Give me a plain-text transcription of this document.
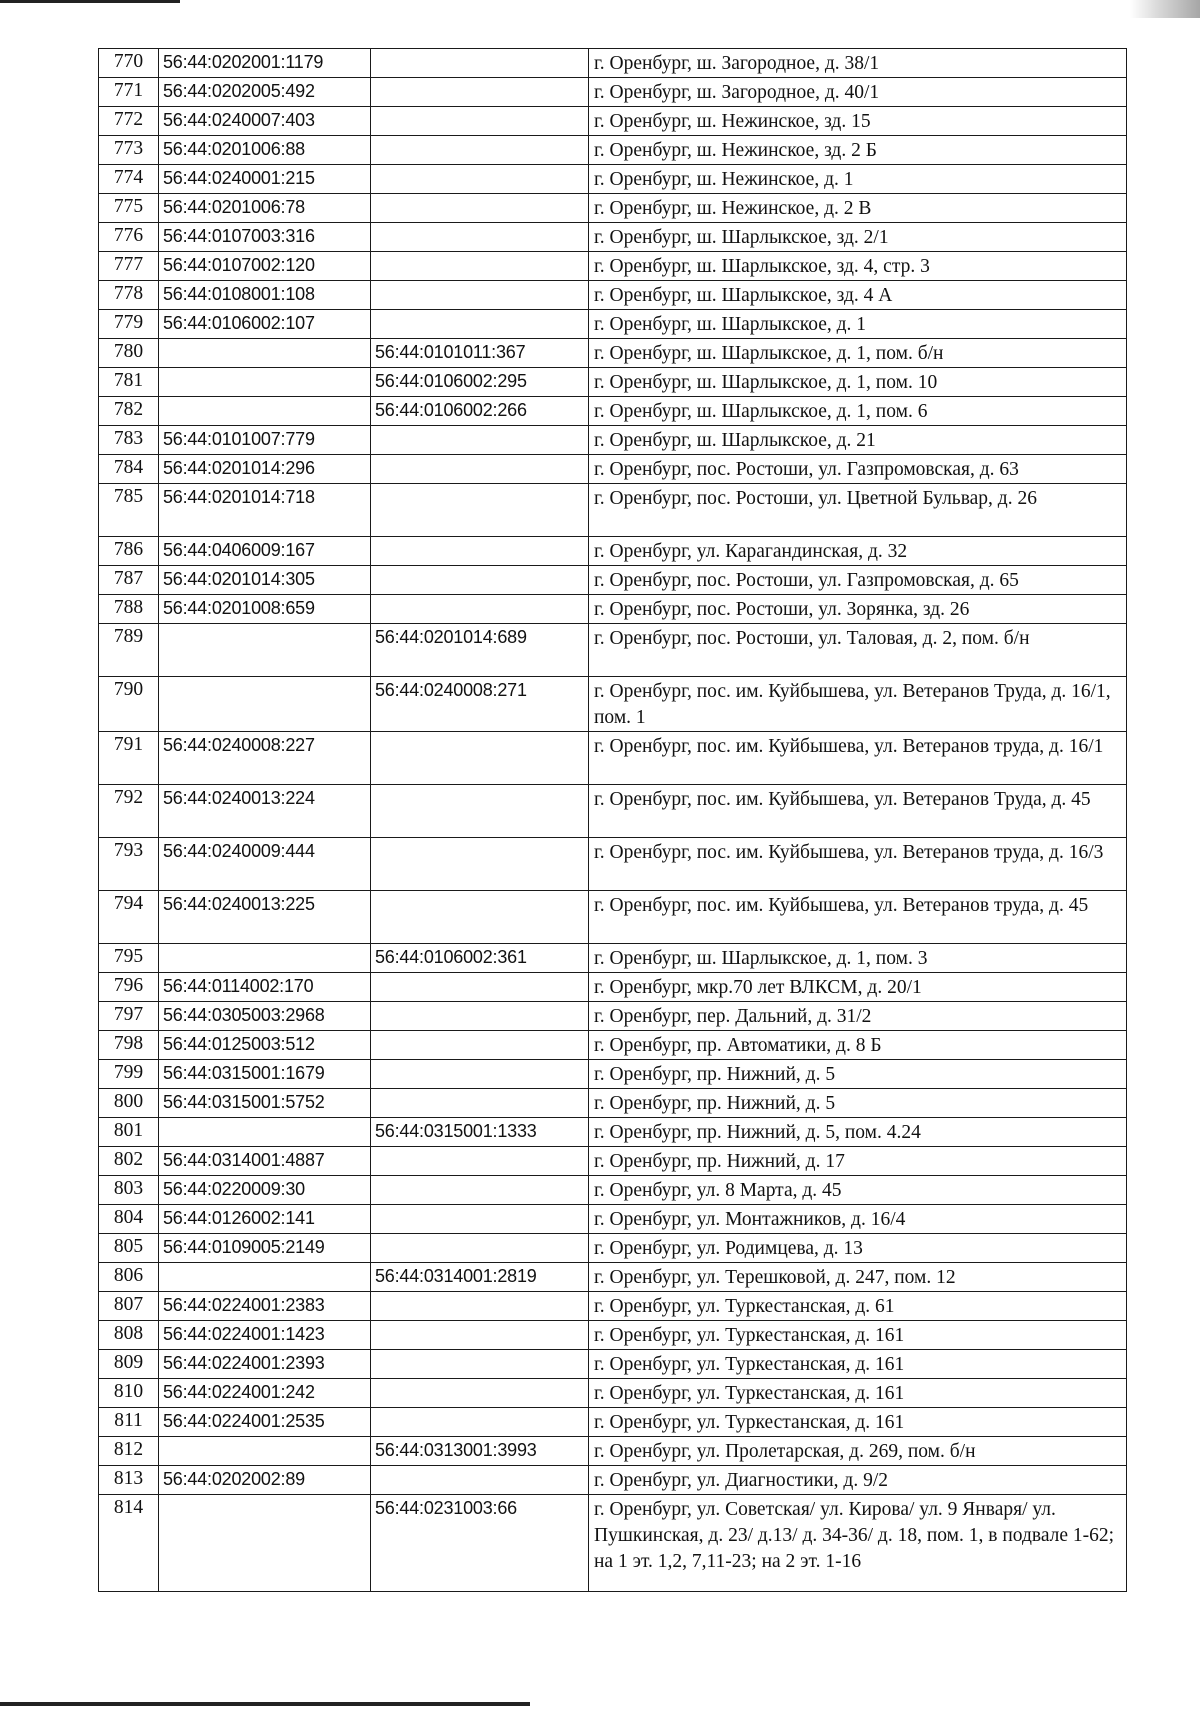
770	56:44:0202001:1179		г. Оренбург, ш. Загородное, д. 38/1
771	56:44:0202005:492		г. Оренбург, ш. Загородное, д. 40/1
772	56:44:0240007:403		г. Оренбург, ш. Нежинское, зд. 15
773	56:44:0201006:88		г. Оренбург, ш. Нежинское, зд. 2 Б
774	56:44:0240001:215		г. Оренбург, ш. Нежинское, д. 1
775	56:44:0201006:78		г. Оренбург, ш. Нежинское, д. 2 В
776	56:44:0107003:316		г. Оренбург, ш. Шарлыкское, зд. 2/1
777	56:44:0107002:120		г. Оренбург, ш. Шарлыкское, зд. 4, стр. 3
778	56:44:0108001:108		г. Оренбург, ш. Шарлыкское, зд. 4 А
779	56:44:0106002:107		г. Оренбург, ш. Шарлыкское, д. 1
780		56:44:0101011:367	г. Оренбург, ш. Шарлыкское, д. 1, пом. б/н
781		56:44:0106002:295	г. Оренбург, ш. Шарлыкское, д. 1, пом. 10
782		56:44:0106002:266	г. Оренбург, ш. Шарлыкское, д. 1, пом. 6
783	56:44:0101007:779		г. Оренбург, ш. Шарлыкское, д. 21
784	56:44:0201014:296		г. Оренбург, пос. Ростоши, ул. Газпромовская, д. 63
785	56:44:0201014:718		г. Оренбург, пос. Ростоши, ул. Цветной Бульвар, д. 26
786	56:44:0406009:167		г. Оренбург, ул. Карагандинская, д. 32
787	56:44:0201014:305		г. Оренбург, пос. Ростоши, ул. Газпромовская, д. 65
788	56:44:0201008:659		г. Оренбург, пос. Ростоши, ул. Зорянка, зд. 26
789		56:44:0201014:689	г. Оренбург, пос. Ростоши, ул. Таловая, д. 2, пом. б/н
790		56:44:0240008:271	г. Оренбург, пос. им. Куйбышева, ул. Ветеранов Труда, д. 16/1, пом. 1
791	56:44:0240008:227		г. Оренбург, пос. им. Куйбышева, ул. Ветеранов труда, д. 16/1
792	56:44:0240013:224		г. Оренбург, пос. им. Куйбышева, ул. Ветеранов Труда, д. 45
793	56:44:0240009:444		г. Оренбург, пос. им. Куйбышева, ул. Ветеранов труда, д. 16/3
794	56:44:0240013:225		г. Оренбург, пос. им. Куйбышева, ул. Ветеранов труда, д. 45
795		56:44:0106002:361	г. Оренбург, ш. Шарлыкское, д. 1, пом. 3
796	56:44:0114002:170		г. Оренбург, мкр.70 лет ВЛКСМ, д. 20/1
797	56:44:0305003:2968		г. Оренбург, пер. Дальний, д. 31/2
798	56:44:0125003:512		г. Оренбург, пр. Автоматики, д. 8 Б
799	56:44:0315001:1679		г. Оренбург, пр. Нижний, д. 5
800	56:44:0315001:5752		г. Оренбург, пр. Нижний, д. 5
801		56:44:0315001:1333	г. Оренбург, пр. Нижний, д. 5, пом. 4.24
802	56:44:0314001:4887		г. Оренбург, пр. Нижний, д. 17
803	56:44:0220009:30		г. Оренбург, ул. 8 Марта, д. 45
804	56:44:0126002:141		г. Оренбург, ул. Монтажников, д. 16/4
805	56:44:0109005:2149		г. Оренбург, ул. Родимцева, д. 13
806		56:44:0314001:2819	г. Оренбург, ул. Терешковой, д. 247, пом. 12
807	56:44:0224001:2383		г. Оренбург, ул. Туркестанская, д. 61
808	56:44:0224001:1423		г. Оренбург, ул. Туркестанская, д. 161
809	56:44:0224001:2393		г. Оренбург, ул. Туркестанская, д. 161
810	56:44:0224001:242		г. Оренбург, ул. Туркестанская, д. 161
811	56:44:0224001:2535		г. Оренбург, ул. Туркестанская, д. 161
812		56:44:0313001:3993	г. Оренбург, ул. Пролетарская, д. 269, пом. б/н
813	56:44:0202002:89		г. Оренбург, ул. Диагностики, д. 9/2
814		56:44:0231003:66	г. Оренбург, ул. Советская/ ул. Кирова/ ул. 9 Января/ ул. Пушкинская, д. 23/ д.13/ д. 34-36/ д. 18, пом. 1, в подвале 1-62; на 1 эт. 1,2, 7,11-23; на 2 эт. 1-16
